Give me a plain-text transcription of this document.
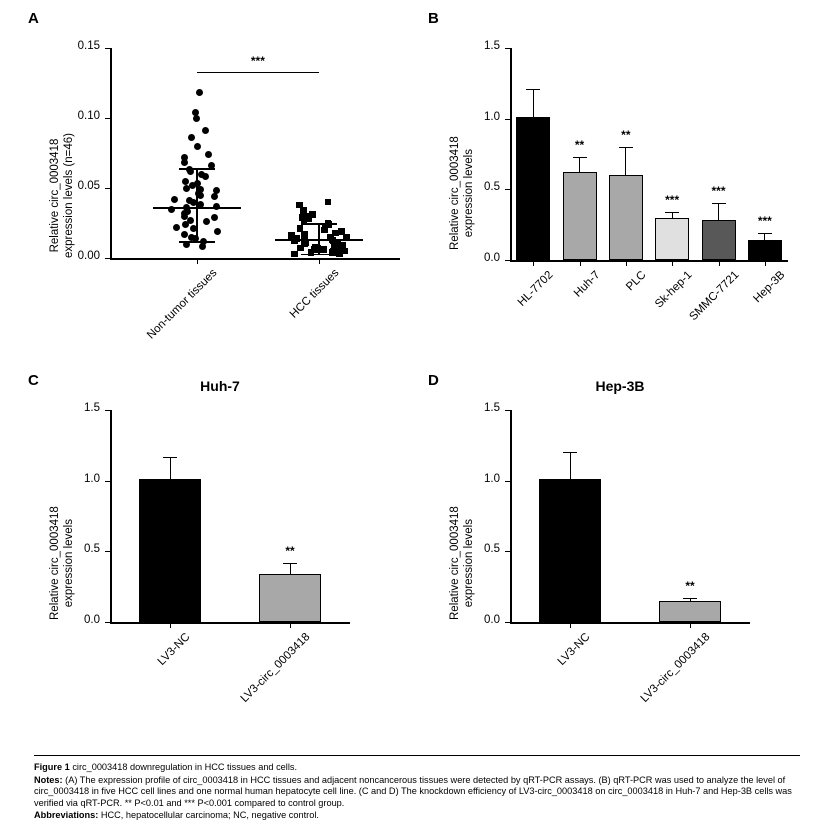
A
Relative circ_0003418 expression levels (n=46) 0.00
0.05
0.10
0.15
Non-tumor tissues	HCC tissues
***
B
Relative circ_0003418 expression levels
0.0
0.5
1.0
1.5
HL-7702
**
Huh-7
**
PLC
***
Sk-hep-1
***
SMMC-7721
***
Hep-3B
C	Huh-7
Relative circ_0003418 expression levels
0.0
0.5
1.0
1.5
LV3-NC
**
LV3-circ_0003418
D	Hep-3B
Relative circ_0003418 expression levels
0.0
0.5
1.0
1.5
LV3-NC
**
LV3-circ_0003418

Figure 1 circ_0003418 downregulation in HCC tissues and cells.

Notes: (A) The expression profile of circ_0003418 in HCC tissues and adjacent noncancerous tissues were detected by qRT-PCR assays. (B) qRT-PCR was used to analyze the level of circ_0003418 in five HCC cell lines and one normal human hepatocyte cell line. (C and D) The knockdown efficiency of LV3-circ_0003418 on circ_0003418 in Huh-7 and Hep-3B cells was verified via qRT-PCR. ** P<0.01 and *** P<0.001 compared to control group.

Abbreviations: HCC, hepatocellular carcinoma; NC, negative control.
